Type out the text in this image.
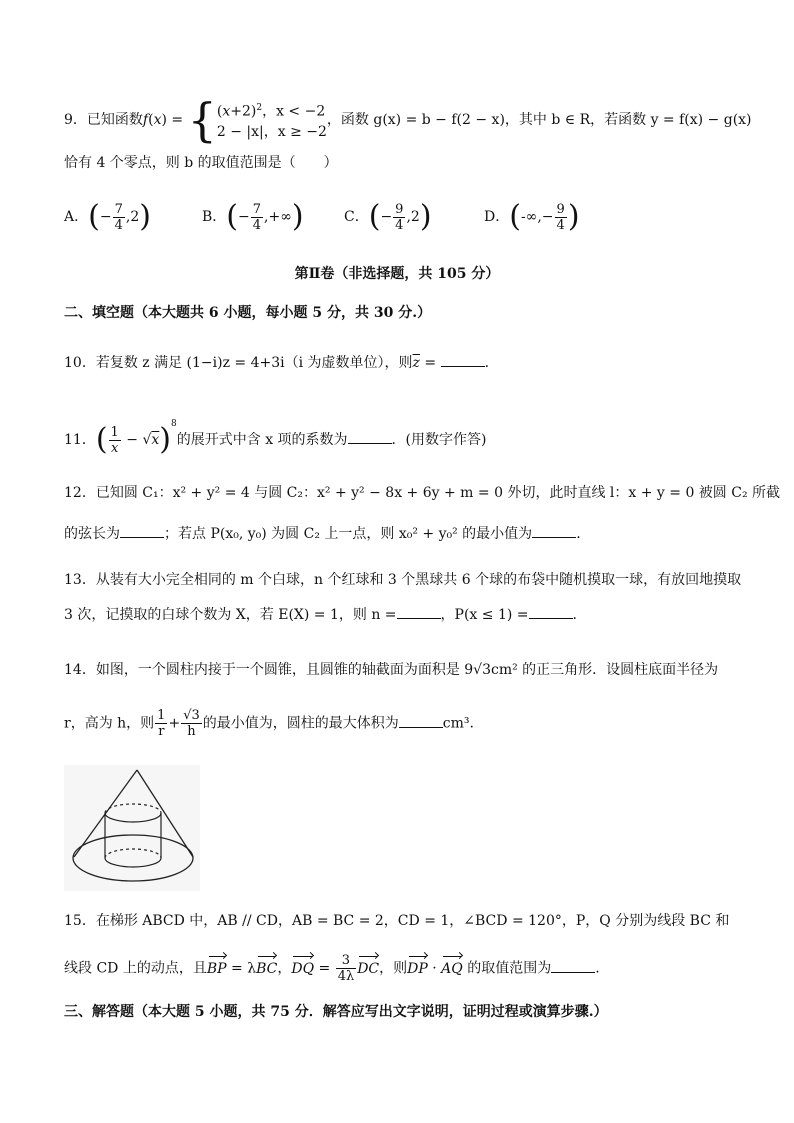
9．已知函数$f(x) = \{(x+2)^2$，x < −2
2 − |x|，x ≥ −2，函数 g(x) = b − f(2 − x)，其中 b ∈ R，若函数 y = f(x) − g(x)
恰有 4 个零点，则 b 的取值范围是（　　）
A．(− $\frac{7}{4} ,2$)	B．(− $\frac{7}{4}$ ,+∞)	C．(− $\frac{9}{4} ,2$)	D．(-∞,− $\frac{9}{4}$ )
第Ⅱ卷（非选择题，共 105 分）
二、填空题（本大题共 6 小题，每小题 5 分，共 30 分.）
10．若复数 z 满足 (1−i)z = 4+3i（i 为虚数单位），则$\overline{z}$ =	.
11．( $\frac{1}{x} - √x)^8$的展开式中含 x 项的系数为	．(用数字作答)
12．已知圆 C₁：x² + y² = 4 与圆 C₂：x² + y² − 8x + 6y + m = 0 外切，此时直线 l：x + y = 0 被圆 C₂ 所截
的弦长为	；若点 P(x₀, y₀) 为圆 C₂ 上一点，则 x₀² + y₀² 的最小值为	.
13．从装有大小完全相同的 m 个白球，n 个红球和 3 个黑球共 6 个球的布袋中随机摸取一球，有放回地摸取
3 次，记摸取的白球个数为 X，若 E(X) = 1，则 n =	，P(x ≤ 1) =	.
14．如图，一个圆柱内接于一个圆锥，且圆锥的轴截面为面积是 9√3cm² 的正三角形．设圆柱底面半径为
r，高为 h，则 $\frac{1}{r} + \frac{√3}{h}$ 的最小值为，圆柱的最大体积为	cm³.
15．在梯形 ABCD 中，AB // CD，AB = BC = 2，CD = 1，∠BCD = 120°，P，Q 分别为线段 BC 和
线段 CD 上的动点，且BP = λBC，DQ = $\frac{3}{4\lambda}$ DC，则DP · AQ 的取值范围为	.
三、解答题（本大题 5 小题，共 75 分．解答应写出文字说明，证明过程或演算步骤.）
